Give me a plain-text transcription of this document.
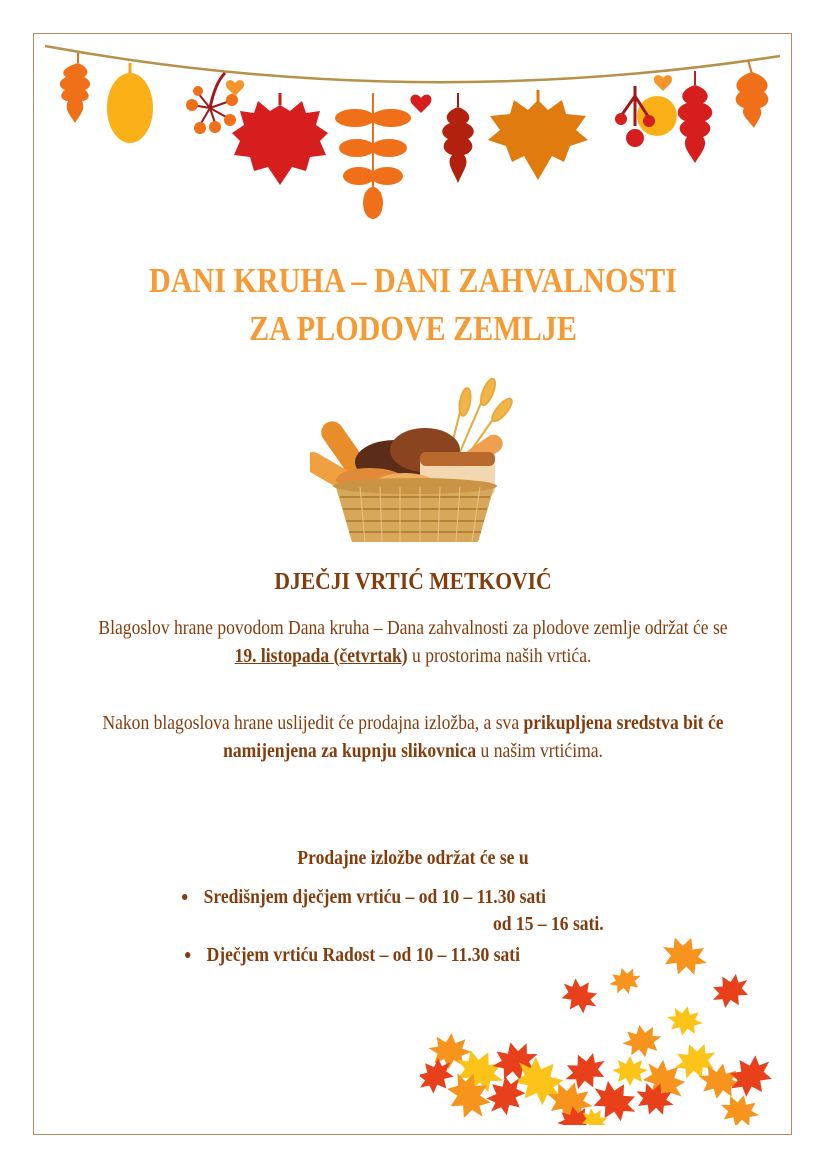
DANI KRUHA – DANI ZAHVALNOSTI
ZA PLODOVE ZEMLJE
DJEČJI VRTIĆ METKOVIĆ
Blagoslov hrane povodom Dana kruha – Dana zahvalnosti za plodove zemlje održat će se 19. listopada (četvrtak) u prostorima naših vrtića.
Nakon blagoslova hrane uslijedit će prodajna izložba, a sva prikupljena sredstva bit će namijenjena za kupnju slikovnica u našim vrtićima.
Prodajne izložbe održat će se u
Središnjem dječjem vrtiću – od 10 – 11.30 sati
od 15 – 16 sati.
Dječjem vrtiću Radost – od 10 – 11.30 sati
